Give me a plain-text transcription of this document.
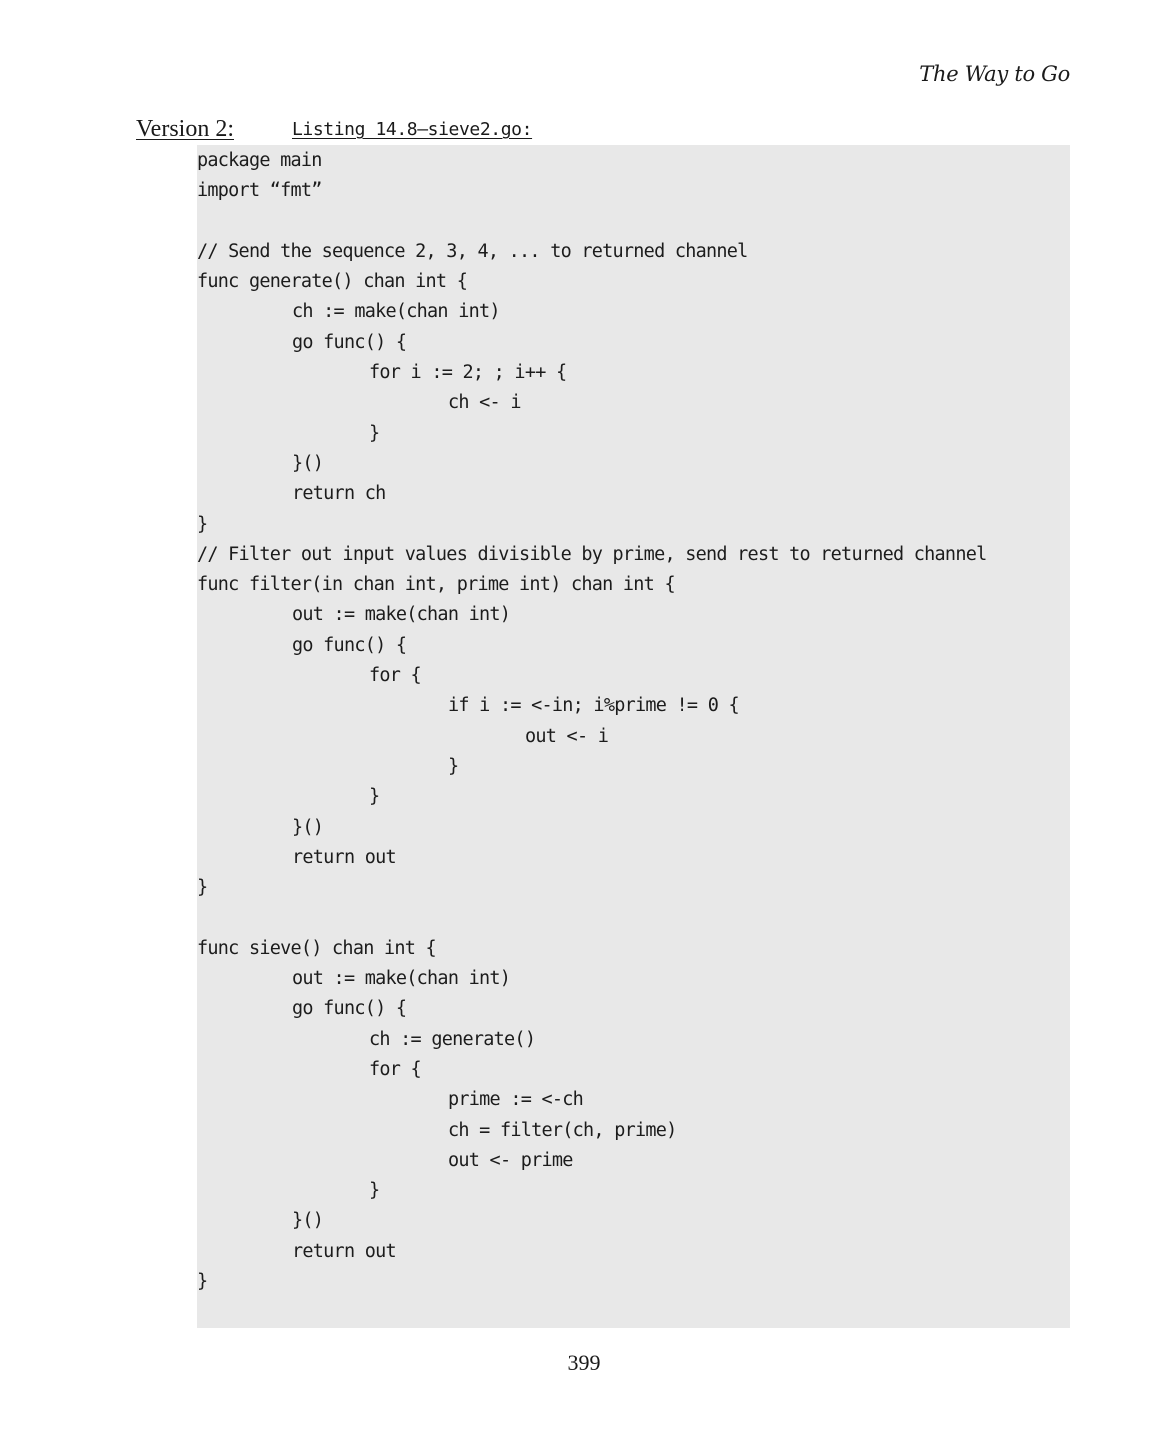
The Way to Go
Version 2:	Listing 14.8—sieve2.go:
package main
import “fmt”
// Send the sequence 2, 3, 4, ... to returned channel
func generate() chan int {
ch := make(chan int)
go func() {
for i := 2; ; i++ {
ch <- i
}
}()
return ch
}
// Filter out input values divisible by prime, send rest to returned channel
func filter(in chan int, prime int) chan int {
out := make(chan int)
go func() {
for {
if i := <-in; i%prime != 0 {
out <- i
}
}
}()
return out
}
func sieve() chan int {
out := make(chan int)
go func() {
ch := generate()
for {
prime := <-ch
ch = filter(ch, prime)
out <- prime
}
}()
return out
}
399
